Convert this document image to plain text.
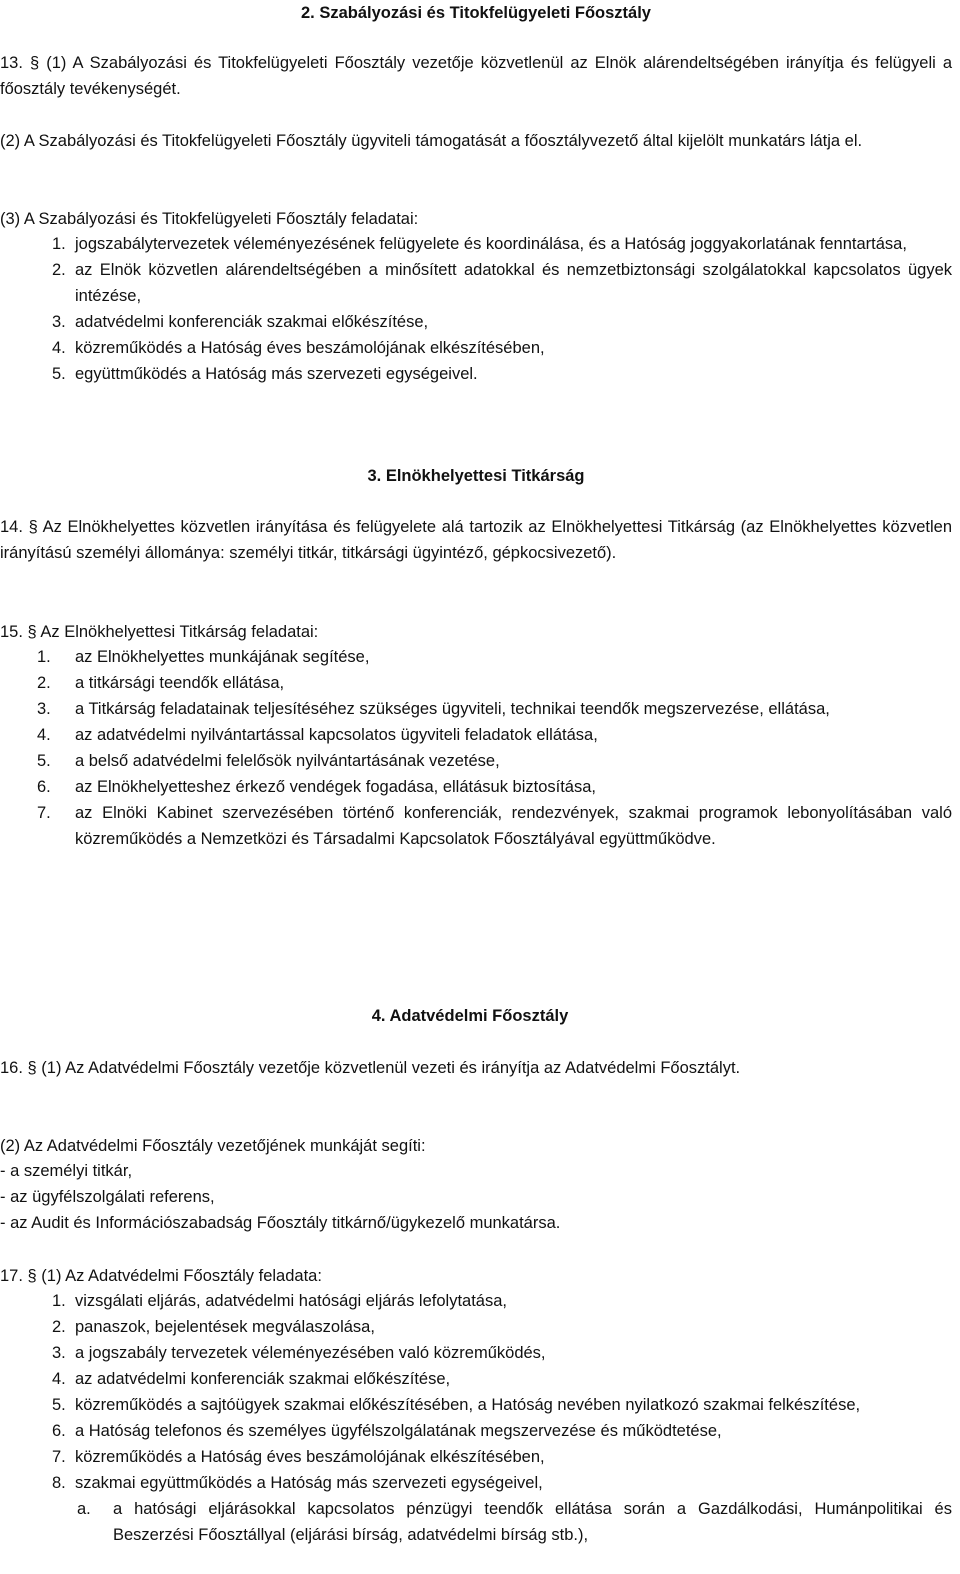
2. Szabályozási és Titokfelügyeleti Főosztály

13. § (1) A Szabályozási és Titokfelügyeleti Főosztály vezetője közvetlenül az Elnök alárendeltségében irányítja és felügyeli a főosztály tevékenységét.

(2) A Szabályozási és Titokfelügyeleti Főosztály ügyviteli támogatását a főosztályvezető által kijelölt munkatárs látja el.

(3) A Szabályozási és Titokfelügyeleti Főosztály feladatai:

1. jogszabálytervezetek véleményezésének felügyelete és koordinálása, és a Hatóság joggyakorlatának fenntartása,
2. az Elnök közvetlen alárendeltségében a minősített adatokkal és nemzetbiztonsági szolgálatokkal kapcsolatos ügyek intézése,
3. adatvédelmi konferenciák szakmai előkészítése,
4. közreműködés a Hatóság éves beszámolójának elkészítésében,
5. együttműködés a Hatóság más szervezeti egységeivel.
3. Elnökhelyettesi Titkárság

14. § Az Elnökhelyettes közvetlen irányítása és felügyelete alá tartozik az Elnökhelyettesi Titkárság (az Elnökhelyettes közvetlen irányítású személyi állománya: személyi titkár, titkársági ügyintéző, gépkocsivezető).

15. § Az Elnökhelyettesi Titkárság feladatai:

1. az Elnökhelyettes munkájának segítése,
2. a titkársági teendők ellátása,
3. a Titkárság feladatainak teljesítéséhez szükséges ügyviteli, technikai teendők megszervezése, ellátása,
4. az adatvédelmi nyilvántartással kapcsolatos ügyviteli feladatok ellátása,
5. a belső adatvédelmi felelősök nyilvántartásának vezetése,
6. az Elnökhelyetteshez érkező vendégek fogadása, ellátásuk biztosítása,
7. az Elnöki Kabinet szervezésében történő konferenciák, rendezvények, szakmai programok lebonyolításában való közreműködés a Nemzetközi és Társadalmi Kapcsolatok Főosztályával együttműködve.
4. Adatvédelmi Főosztály

16. § (1) Az Adatvédelmi Főosztály vezetője közvetlenül vezeti és irányítja az Adatvédelmi Főosztályt.

(2) Az Adatvédelmi Főosztály vezetőjének munkáját segíti:

- a személyi titkár,

- az ügyfélszolgálati referens,

- az Audit és Információszabadság Főosztály titkárnő/ügykezelő munkatársa.

17. § (1) Az Adatvédelmi Főosztály feladata:

1. vizsgálati eljárás, adatvédelmi hatósági eljárás lefolytatása,
2. panaszok, bejelentések megválaszolása,
3. a jogszabály tervezetek véleményezésében való közreműködés,
4. az adatvédelmi konferenciák szakmai előkészítése,
5. közreműködés a sajtóügyek szakmai előkészítésében, a Hatóság nevében nyilatkozó szakmai felkészítése,
6. a Hatóság telefonos és személyes ügyfélszolgálatának megszervezése és működtetése,
7. közreműködés a Hatóság éves beszámolójának elkészítésében,
8. szakmai együttműködés a Hatóság más szervezeti egységeivel,
a. a hatósági eljárásokkal kapcsolatos pénzügyi teendők ellátása során a Gazdálkodási, Humánpolitikai és Beszerzési Főosztállyal (eljárási bírság, adatvédelmi bírság stb.),
